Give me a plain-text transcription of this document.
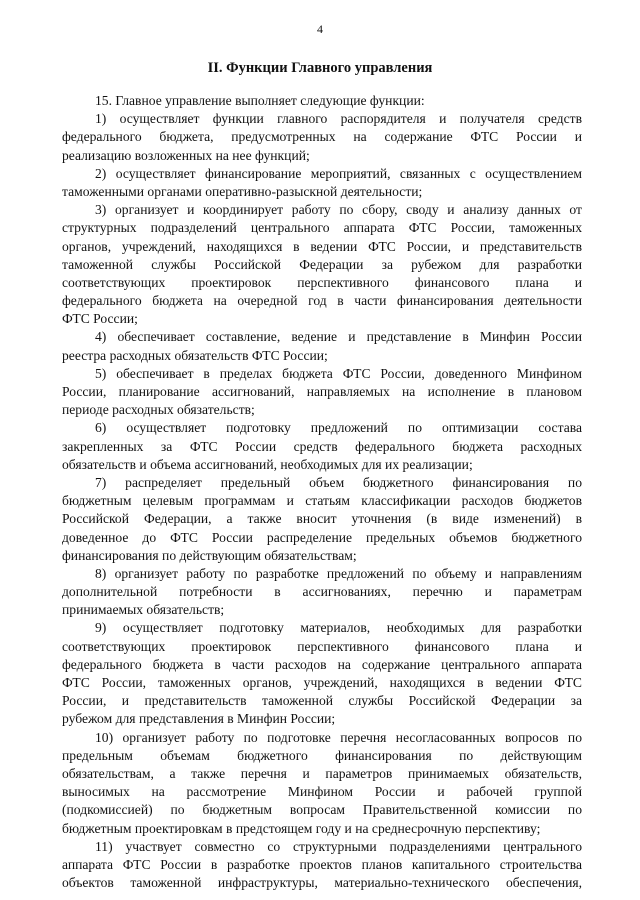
4
II. Функции Главного управления
15. Главное управление выполняет следующие функции:
1) осуществляет функции главного распорядителя и получателя средств
федерального бюджета, предусмотренных на содержание ФТС России и
реализацию возложенных на нее функций;
2) осуществляет финансирование мероприятий, связанных с осуществлением
таможенными органами оперативно-разыскной деятельности;
3) организует и координирует работу по сбору, своду и анализу данных от
структурных подразделений центрального аппарата ФТС России, таможенных
органов, учреждений, находящихся в ведении ФТС России, и представительств
таможенной службы Российской Федерации за рубежом для разработки
соответствующих проектировок перспективного финансового плана и
федерального бюджета на очередной год в части финансирования деятельности
ФТС России;
4) обеспечивает составление, ведение и представление в Минфин России
реестра расходных обязательств ФТС России;
5) обеспечивает в пределах бюджета ФТС России, доведенного Минфином
России, планирование ассигнований, направляемых на исполнение в плановом
периоде расходных обязательств;
6) осуществляет подготовку предложений по оптимизации состава
закрепленных за ФТС России средств федерального бюджета расходных
обязательств и объема ассигнований, необходимых для их реализации;
7) распределяет предельный объем бюджетного финансирования по
бюджетным целевым программам и статьям классификации расходов бюджетов
Российской Федерации, а также вносит уточнения (в виде изменений) в
доведенное до ФТС России распределение предельных объемов бюджетного
финансирования по действующим обязательствам;
8) организует работу по разработке предложений по объему и направлениям
дополнительной потребности в ассигнованиях, перечню и параметрам
принимаемых обязательств;
9) осуществляет подготовку материалов, необходимых для разработки
соответствующих проектировок перспективного финансового плана и
федерального бюджета в части расходов на содержание центрального аппарата
ФТС России, таможенных органов, учреждений, находящихся в ведении ФТС
России, и представительств таможенной службы Российской Федерации за
рубежом для представления в Минфин России;
10) организует работу по подготовке перечня несогласованных вопросов по
предельным объемам бюджетного финансирования по действующим
обязательствам, а также перечня и параметров принимаемых обязательств,
выносимых на рассмотрение Минфином России и рабочей группой
(подкомиссией) по бюджетным вопросам Правительственной комиссии по
бюджетным проектировкам в предстоящем году и на среднесрочную перспективу;
11) участвует совместно со структурными подразделениями центрального
аппарата ФТС России в разработке проектов планов капитального строительства
объектов таможенной инфраструктуры, материально-технического обеспечения,
